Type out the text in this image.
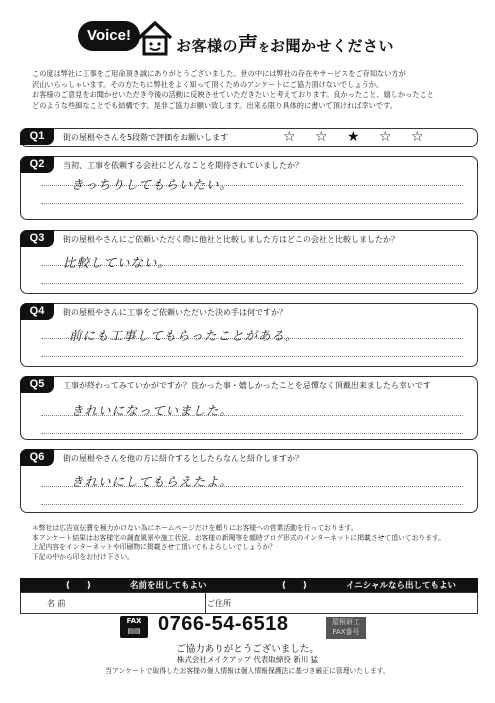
Voice!
お客様の声をお聞かせください
この度は弊社に工事をご用命頂き誠にありがとうございました。世の中には弊社の存在やサービスをご存知ない方が
沢山いらっしゃいます。その方たちに弊社をよく知って頂くためのアンケートにご協力頂けないでしょうか。
お客様のご意見をお聞かせいただき今後の活動に反映させていただきたいと考えております。良かったこと、嬉しかったこと
どのような些細なことでも結構です。是非ご協力お願い致します。出来る限り具体的に書いて頂ければ幸いです。
Q1	街の屋根やさんを5段階で評価をお願いします	☆ ☆ ★ ☆ ☆
Q2	当初、工事を依頼する会社にどんなことを期待されていましたか？
きっちりしてもらいたい。
Q3	街の屋根やさんにご依頼いただく際に他社と比較しました方はどこの会社と比較しましたか？
比較していない。
Q4	街の屋根やさんに工事をご依頼いただいた決め手は何ですか？
前にも工事してもらったことがある。
Q5	工事が終わってみていかがですか？良かった事・嬉しかったことを忌憚なく頂戴出来ましたら幸いです
きれいになっていました。
Q6	街の屋根やさんを他の方に紹介するとしたらなんと紹介しますか？
きれいにしてもらえたよ。
＊弊社は広告宣伝費を極力かけない為にホームページだけを頼りにお客様への営業活動を行っております。
本アンケート結果はお客様宅の調査風景や施工状況、お客様の新聞等を顔時ブログ形式のインターネットに掲載させて頂いております。
上記内容をインターネットや印刷物に掲載させて頂いてもよろしいでしょうか？
下記の中から印をお付け下さい。
(　　)	名前を出してもよい	(　　)	イニシャルなら出してもよい
名 前	ご住所
FAX
▤▤ 0766-54-6518	屋根研工
FAX番号
ご協力ありがとうございました。
株式会社メイクアップ 代表取締役 新川 猛
当アンケートで取得したお客様の個人情報は個人情報保護法に基づき厳正に管理いたします。
